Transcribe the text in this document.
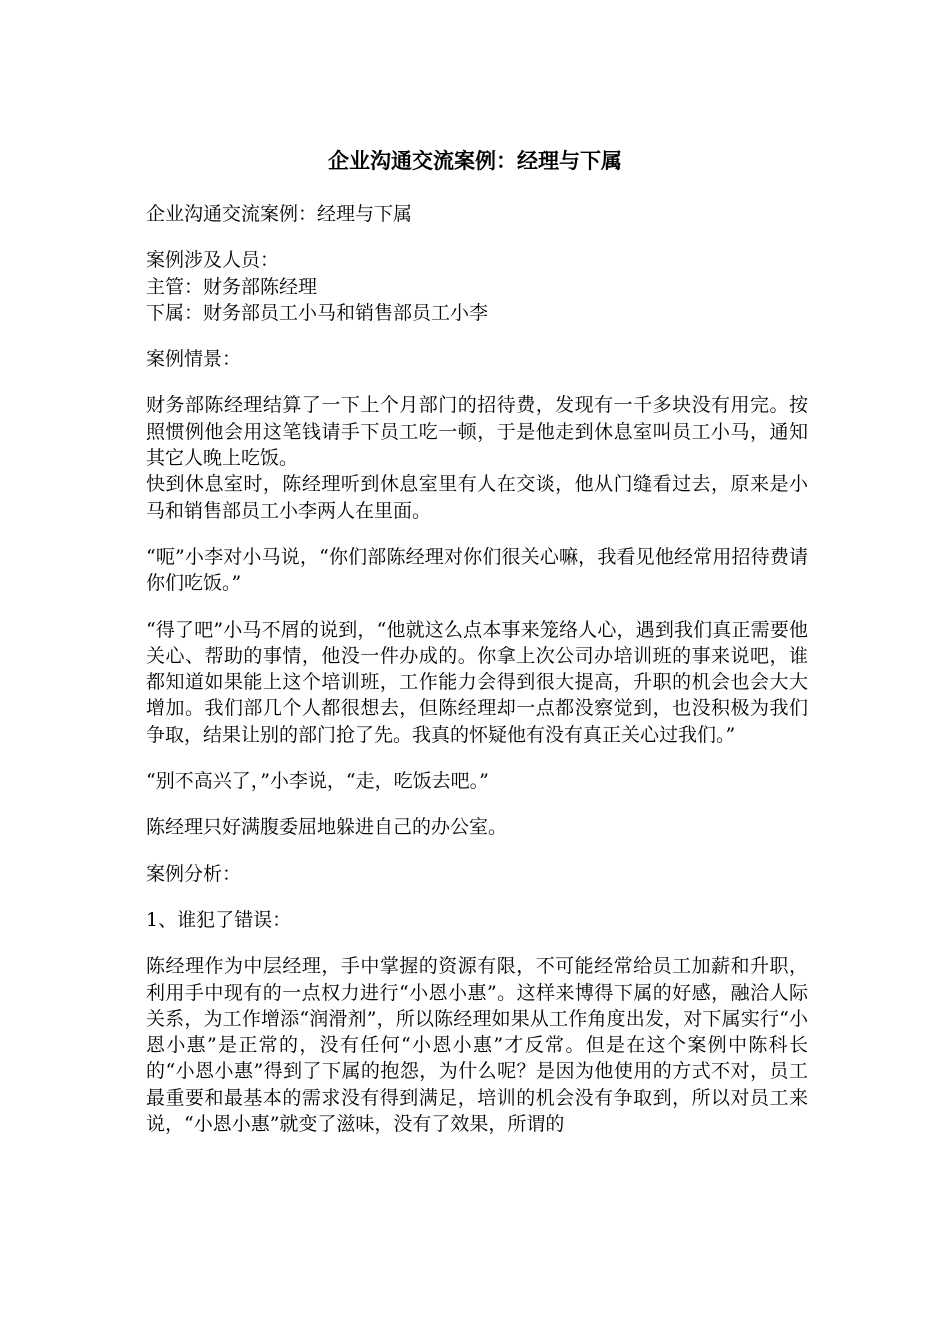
企业沟通交流案例：经理与下属

企业沟通交流案例：经理与下属

案例涉及人员：
主管：财务部陈经理
下属：财务部员工小马和销售部员工小李

案例情景：

财务部陈经理结算了一下上个月部门的招待费，发现有一千多块没有用完。按照惯例他会用这笔钱请手下员工吃一顿，于是他走到休息室叫员工小马，通知其它人晚上吃饭。

快到休息室时，陈经理听到休息室里有人在交谈，他从门缝看过去，原来是小马和销售部员工小李两人在里面。

“呃”小李对小马说，“你们部陈经理对你们很关心嘛，我看见他经常用招待费请你们吃饭。”

“得了吧”小马不屑的说到，“他就这么点本事来笼络人心，遇到我们真正需要他关心、帮助的事情，他没一件办成的。你拿上次公司办培训班的事来说吧，谁都知道如果能上这个培训班，工作能力会得到很大提高，升职的机会也会大大增加。我们部几个人都很想去，但陈经理却一点都没察觉到，也没积极为我们争取，结果让别的部门抢了先。我真的怀疑他有没有真正关心过我们。”

“别不高兴了，”小李说，“走，吃饭去吧。”

陈经理只好满腹委屈地躲进自己的办公室。

案例分析：

1、谁犯了错误：

陈经理作为中层经理，手中掌握的资源有限，不可能经常给员工加薪和升职，利用手中现有的一点权力进行“小恩小惠”。这样来博得下属的好感，融洽人际关系，为工作增添“润滑剂”，所以陈经理如果从工作角度出发，对下属实行“小恩小惠”是正常的，没有任何“小恩小惠”才反常。但是在这个案例中陈科长的“小恩小惠”得到了下属的抱怨，为什么呢？是因为他使用的方式不对，员工最重要和最基本的需求没有得到满足，培训的机会没有争取到，所以对员工来说，“小恩小惠”就变了滋味，没有了效果，所谓的
